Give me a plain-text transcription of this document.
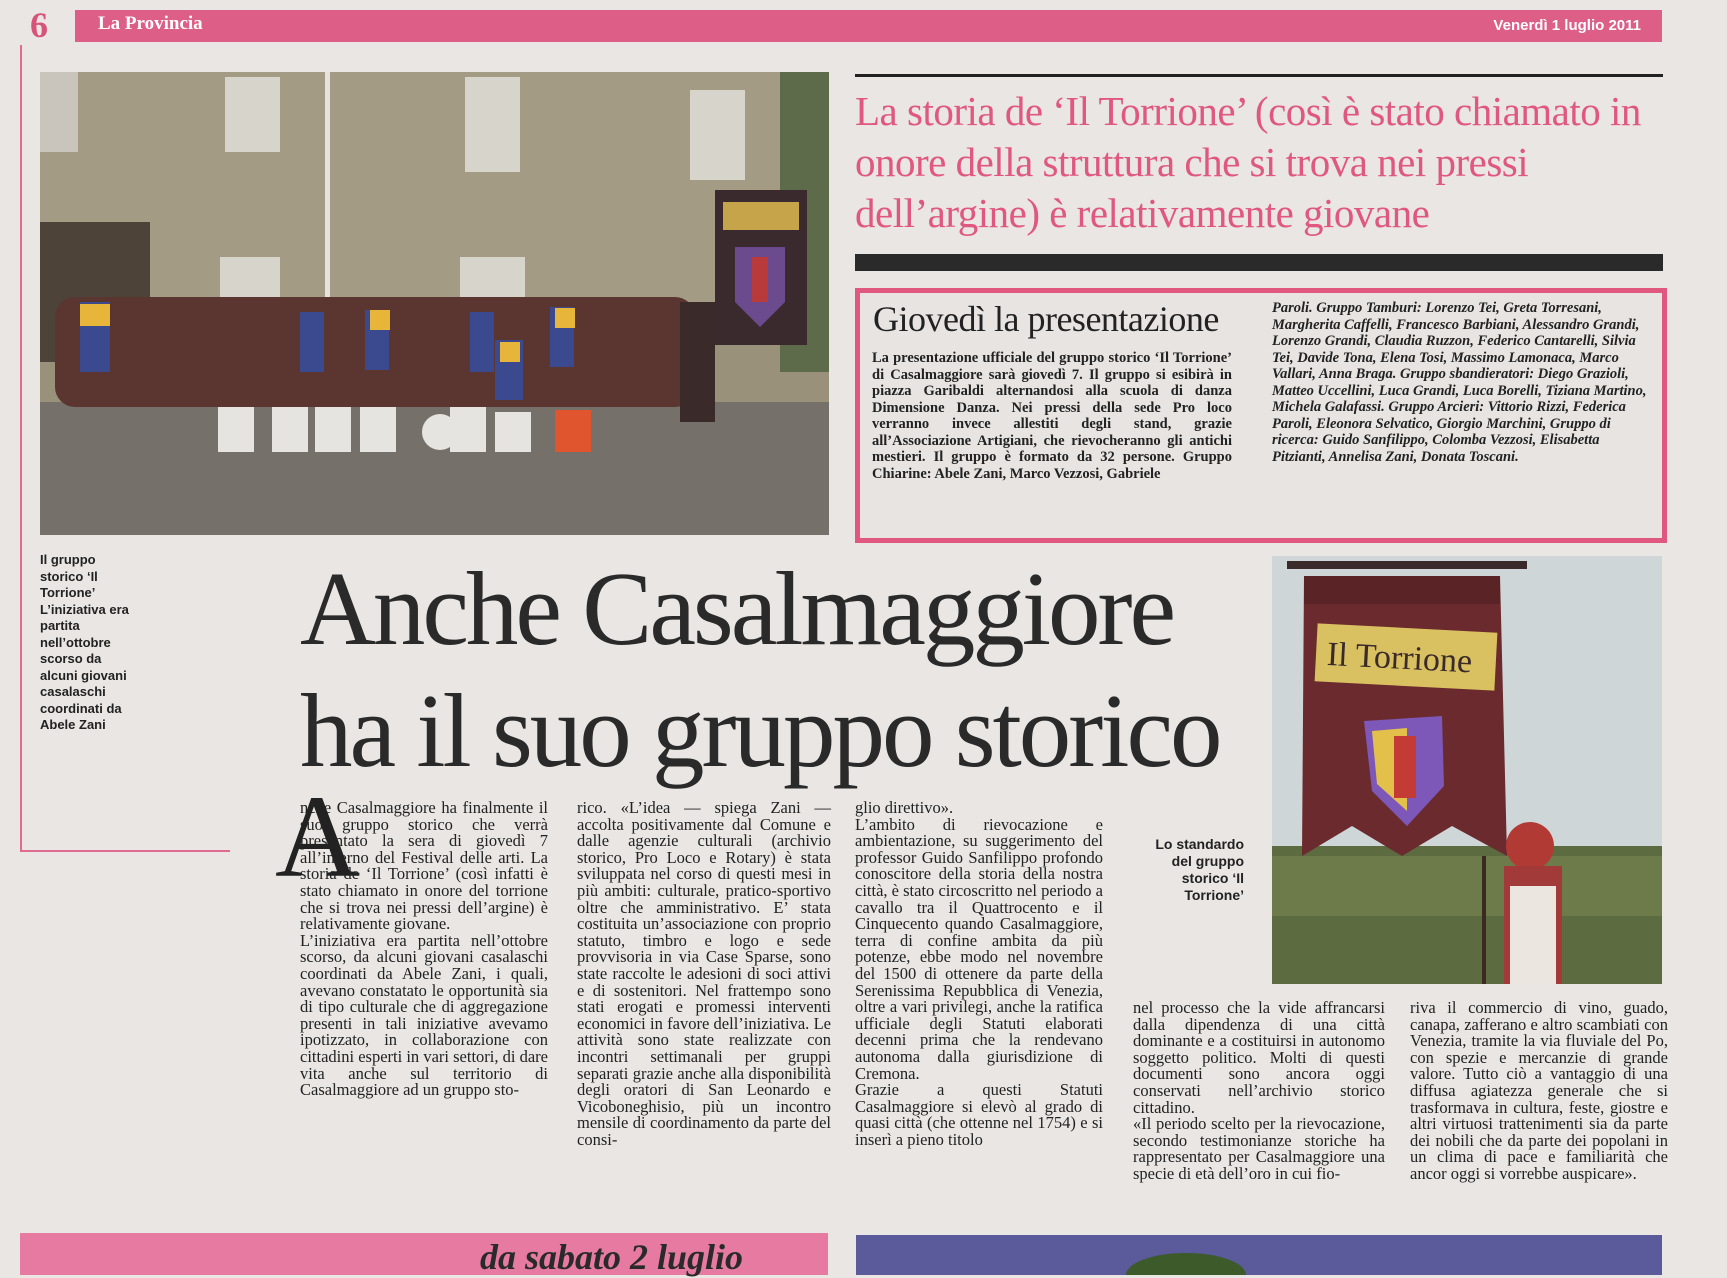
6	La Provincia	Venerdì 1 luglio 2011
La storia de ‘Il Torrione’ (così è stato chiamato in onore della struttura che si trova nei pressi dell’argine) è relativamente giovane
Giovedì la presentazione
La presentazione ufficiale del gruppo storico ‘Il Torrione’ di Casalmaggiore sarà giovedì 7. Il gruppo si esibirà in piazza Garibaldi alternandosi alla scuola di danza Dimensione Danza. Nei pressi della sede Pro loco verranno invece allestiti degli stand, grazie all’Associazione Artigiani, che rievocheranno gli antichi mestieri. Il gruppo è formato da 32 persone. Gruppo Chiarine: Abele Zani, Marco Vezzosi, Gabriele
Paroli. Gruppo Tamburi: Lorenzo Tei, Greta Torresani, Margherita Caffelli, Francesco Barbiani, Alessandro Grandi, Lorenzo Grandi, Claudia Ruzzon, Federico Cantarelli, Silvia Tei, Davide Tona, Elena Tosi, Massimo Lamonaca, Marco Vallari, Anna Braga. Gruppo sbandieratori: Diego Grazioli, Matteo Uccellini, Luca Grandi, Luca Borelli, Tiziana Martino, Michela Galafassi. Gruppo Arcieri: Vittorio Rizzi, Federica Paroli, Eleonora Selvatico, Giorgio Marchini, Gruppo di ricerca: Guido Sanfilippo, Colomba Vezzosi, Elisabetta Pitzianti, Annelisa Zani, Donata Toscani.
Il gruppo storico ‘Il Torrione’ L’iniziativa era partita nell’ottobre scorso da alcuni giovani casalaschi coordinati da Abele Zani
Anche Casalmaggiore
ha il suo gruppo storico
Il Torrione
Lo standardo del gruppo storico ‘Il Torrione’
A
nche Casalmaggiore ha finalmente il suo gruppo storico che verrà presentato la sera di giovedì 7 all’interno del Festival delle arti. La storia de ‘Il Torrione’ (così infatti è stato chiamato in onore del torrione che si trova nei pressi dell’argine) è relativamente giovane.
L’iniziativa era partita nell’ottobre scorso, da alcuni giovani casalaschi coordinati da Abele Zani, i quali, avevano constatato le opportunità sia di tipo culturale che di aggregazione presenti in tali iniziative avevamo ipotizzato, in collaborazione con cittadini esperti in vari settori, di dare vita anche sul territorio di Casalmaggiore ad un gruppo sto-
rico. «L’idea — spiega Zani — accolta positivamente dal Comune e dalle agenzie culturali (archivio storico, Pro Loco e Rotary) è stata sviluppata nel corso di questi mesi in più ambiti: culturale, pratico-sportivo oltre che amministrativo. E’ stata costituita un’associazione con proprio statuto, timbro e logo e sede provvisoria in via Case Sparse, sono state raccolte le adesioni di soci attivi e di sostenitori. Nel frattempo sono stati erogati e promessi interventi economici in favore dell’iniziativa. Le attività sono state realizzate con incontri settimanali per gruppi separati grazie anche alla disponibilità degli oratori di San Leonardo e Vicoboneghisio, più un incontro mensile di coordinamento da parte del consi-
glio direttivo».
L’ambito di rievocazione e ambientazione, su suggerimento del professor Guido Sanfilippo profondo conoscitore della storia della nostra città, è stato circoscritto nel periodo a cavallo tra il Quattrocento e il Cinquecento quando Casalmaggiore, terra di confine ambita da più potenze, ebbe modo nel novembre del 1500 di ottenere da parte della Serenissima Repubblica di Venezia, oltre a vari privilegi, anche la ratifica ufficiale degli Statuti elaborati decenni prima che la rendevano autonoma dalla giurisdizione di Cremona.
Grazie a questi Statuti Casalmaggiore si elevò al grado di quasi città (che ottenne nel 1754) e si inserì a pieno titolo
nel processo che la vide affrancarsi dalla dipendenza di una città dominante e a costituirsi in autonomo soggetto politico. Molti di questi documenti sono ancora oggi conservati nell’archivio storico cittadino.
«Il periodo scelto per la rievocazione, secondo testimonianze storiche ha rappresentato per Casalmaggiore una specie di età dell’oro in cui fio-
riva il commercio di vino, guado, canapa, zafferano e altro scambiati con Venezia, tramite la via fluviale del Po, con spezie e mercanzie di grande valore. Tutto ciò a vantaggio di una diffusa agiatezza generale che si trasformava in cultura, feste, giostre e altri virtuosi trattenimenti sia da parte dei nobili che da parte dei popolani in un clima di pace e familiarità che ancor oggi si vorrebbe auspicare».
da sabato 2 luglio
